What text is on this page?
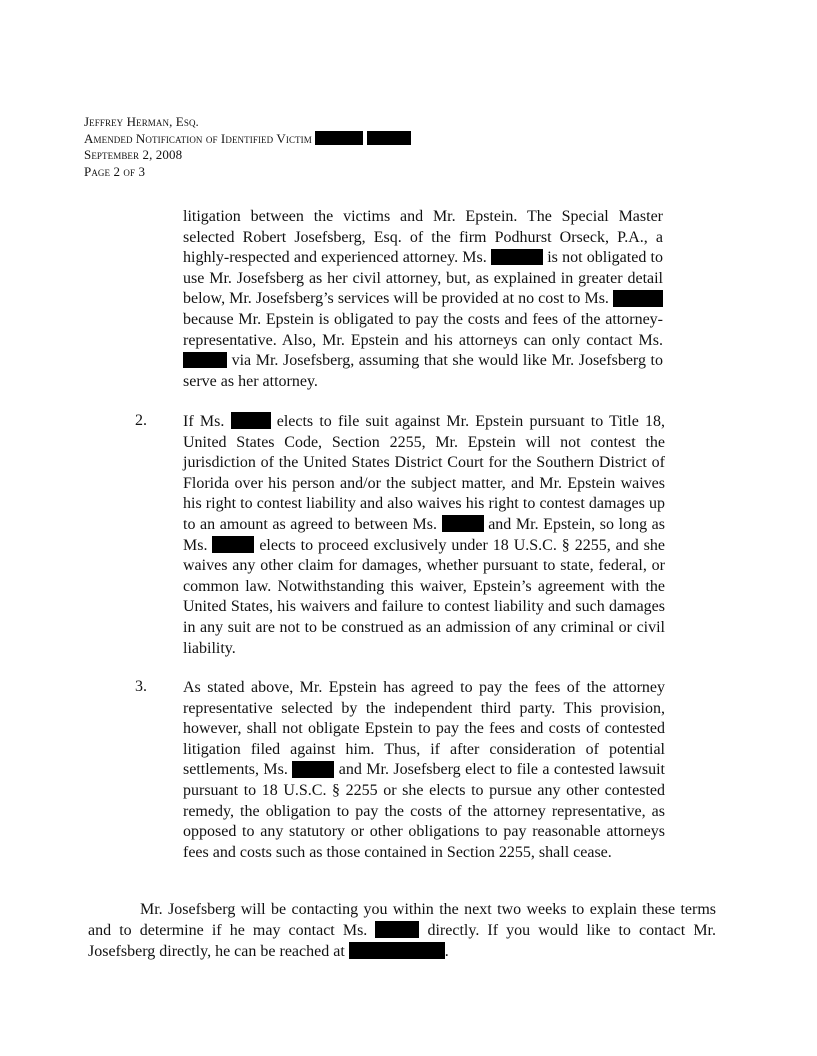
Jeffrey Herman, Esq.
Amended Notification of Identified Victim
September 2, 2008
Page 2 of 3
litigation between the victims and Mr. Epstein. The Special Master selected Robert Josefsberg, Esq. of the firm Podhurst Orseck, P.A., a highly-respected and experienced attorney. Ms.	is not obligated to use Mr. Josefsberg as her civil attorney, but, as explained in greater detail below, Mr. Josefsberg’s services will be provided at no cost to Ms.  because Mr. Epstein is obligated to pay the costs and fees of the attorney-representative. Also, Mr. Epstein and his attorneys can only contact Ms.  via Mr. Josefsberg, assuming that she would like Mr. Josefsberg to serve as her attorney.
2. If Ms.	elects to file suit against Mr. Epstein pursuant to Title 18, United States Code, Section 2255, Mr. Epstein will not contest the jurisdiction of the United States District Court for the Southern District of Florida over his person and/or the subject matter, and Mr. Epstein waives his right to contest liability and also waives his right to contest damages up to an amount as agreed to between Ms.	and Mr. Epstein, so long as Ms.	elects to proceed exclusively under 18 U.S.C. § 2255, and she waives any other claim for damages, whether pursuant to state, federal, or common law. Notwithstanding this waiver, Epstein’s agreement with the United States, his waivers and failure to contest liability and such damages in any suit are not to be construed as an admission of any criminal or civil liability.
3. As stated above, Mr. Epstein has agreed to pay the fees of the attorney representative selected by the independent third party. This provision, however, shall not obligate Epstein to pay the fees and costs of contested litigation filed against him. Thus, if after consideration of potential settlements, Ms.	and Mr. Josefsberg elect to file a contested lawsuit pursuant to 18 U.S.C. § 2255 or she elects to pursue any other contested remedy, the obligation to pay the costs of the attorney representative, as opposed to any statutory or other obligations to pay reasonable attorneys fees and costs such as those contained in Section 2255, shall cease.
Mr. Josefsberg will be contacting you within the next two weeks to explain these terms and to determine if he may contact Ms.	directly. If you would like to contact Mr. Josefsberg directly, he can be reached at	.
